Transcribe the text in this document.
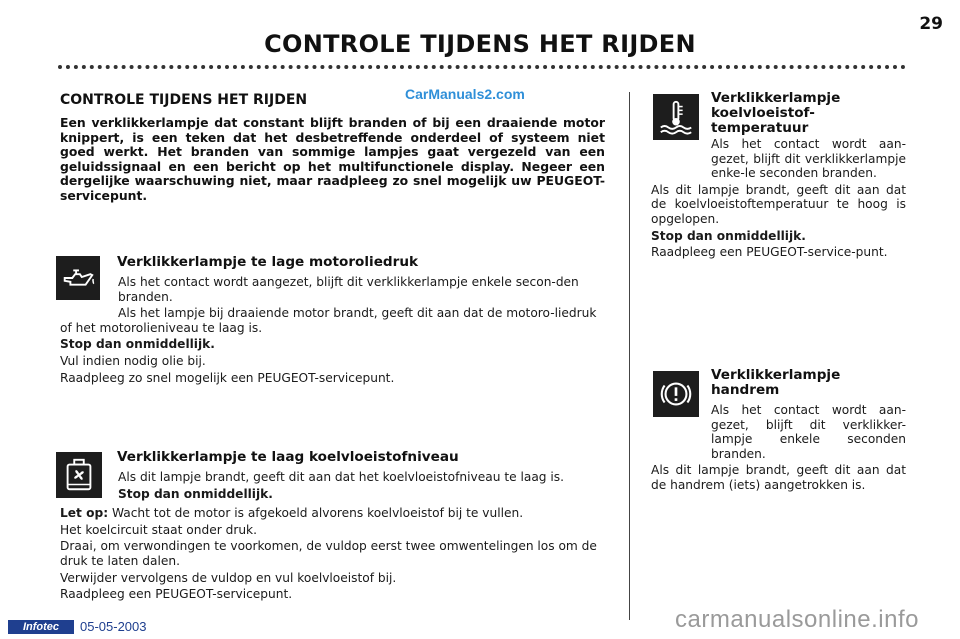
CONTROLE TIJDENS HET RIJDEN
29
CarManuals2.com
CONTROLE TIJDENS HET RIJDEN
Een verklikkerlampje dat constant blijft branden of bij een draaiende motor knippert, is een teken dat het desbetreffende onderdeel of systeem niet goed werkt. Het branden van sommige lampjes gaat vergezeld van een geluidssignaal en een bericht op het multifunctionele display. Negeer een dergelijke waarschuwing niet, maar raadpleeg zo snel mogelijk uw PEUGEOT-servicepunt.
Verklikkerlampje te lage motoroliedruk

Als het contact wordt aangezet, blijft dit verklikkerlampje enkele secon-den branden.

Als het lampje bij draaiende motor brandt, geeft dit aan dat de motoro-liedruk of het motorolieniveau te laag is.

Stop dan onmiddellijk.

Vul indien nodig olie bij.

Raadpleeg zo snel mogelijk een PEUGEOT-servicepunt.

Verklikkerlampje te laag koelvloeistofniveau

Als dit lampje brandt, geeft dit aan dat het koelvloeistofniveau te laag is.

Stop dan onmiddellijk.

Let op: Wacht tot de motor is afgekoeld alvorens koelvloeistof bij te vullen.

Het koelcircuit staat onder druk.

Draai, om verwondingen te voorkomen, de vuldop eerst twee omwentelingen los om de druk te laten dalen.

Verwijder vervolgens de vuldop en vul koelvloeistof bij.

Raadpleeg een PEUGEOT-servicepunt.

Verklikkerlampje koelvloeistof-temperatuur

Als het contact wordt aan-gezet, blijft dit verklikkerlampje enke-le seconden branden.

Als dit lampje brandt, geeft dit aan dat de koelvloeistoftemperatuur te hoog is opgelopen.

Stop dan onmiddellijk.

Raadpleeg een PEUGEOT-service-punt.

Verklikkerlampje handrem

Als het contact wordt aan-gezet, blijft dit verklikker-lampje enkele seconden branden.

Als dit lampje brandt, geeft dit aan dat de handrem (iets) aangetrokken is.

Infotec	05-05-2003	carmanualsonline.info
